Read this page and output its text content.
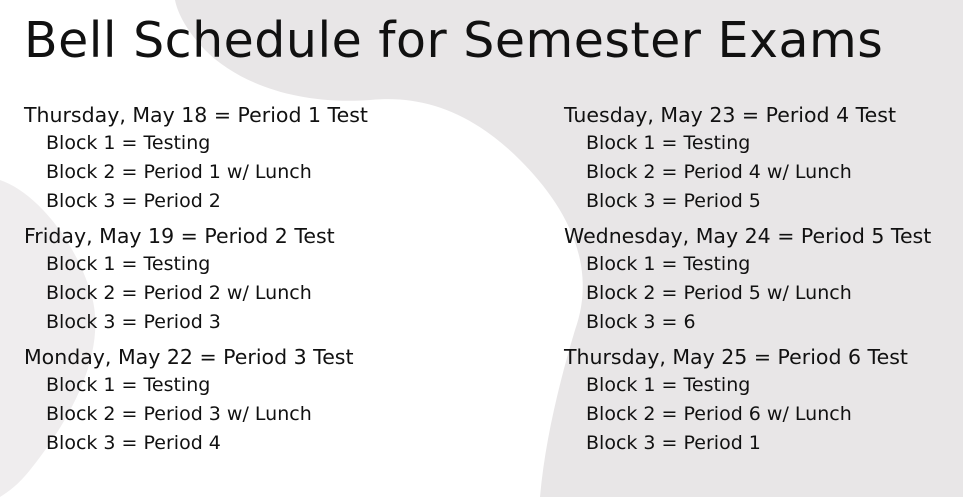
Bell Schedule for Semester Exams
Thursday, May 18 = Period 1 Test
Block 1 = Testing
Block 2 = Period 1 w/ Lunch
Block 3 = Period 2
Friday, May 19 = Period 2 Test
Block 1 = Testing
Block 2 = Period 2 w/ Lunch
Block 3 = Period 3
Monday, May 22 = Period 3 Test
Block 1 = Testing
Block 2 = Period 3 w/ Lunch
Block 3 = Period 4
Tuesday, May 23 = Period 4 Test
Block 1 = Testing
Block 2 = Period 4 w/ Lunch
Block 3 = Period 5
Wednesday, May 24 = Period 5 Test
Block 1 = Testing
Block 2 = Period 5 w/ Lunch
Block 3 = 6
Thursday, May 25 = Period 6 Test
Block 1 = Testing
Block 2 = Period 6 w/ Lunch
Block 3 = Period 1
